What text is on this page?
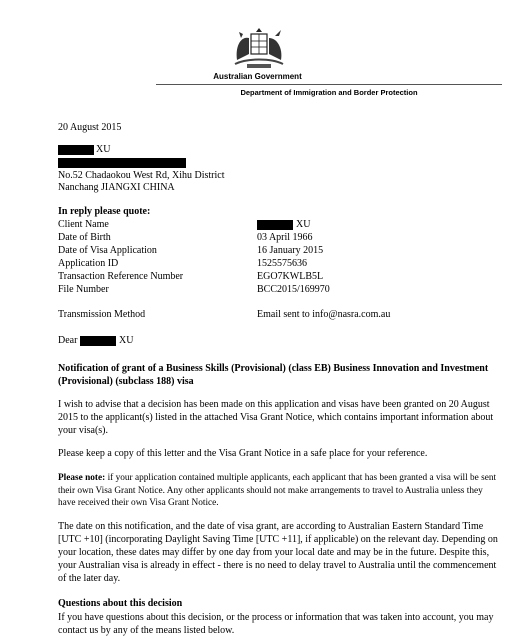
Australian Government
Department of Immigration and Border Protection
20 August 2015
XU
No.52 Chadaokou West Rd, Xihu District
Nanchang JIANGXI CHINA
In reply please quote:
Client Name	XU
Date of Birth	03 April 1966
Date of Visa Application	16 January 2015
Application ID	1525575636
Transaction Reference Number	EGO7KWLB5L
File Number	BCC2015/169970
Transmission Method	Email sent to info@nasra.com.au
Dear	XU
Notification of grant of a Business Skills (Provisional) (class EB) Business Innovation and Investment (Provisional) (subclass 188) visa
I wish to advise that a decision has been made on this application and visas have been granted on 20 August 2015 to the applicant(s) listed in the attached Visa Grant Notice, which contains important information about your visa(s).
Please keep a copy of this letter and the Visa Grant Notice in a safe place for your reference.
Please note: if your application contained multiple applicants, each applicant that has been granted a visa will be sent their own Visa Grant Notice. Any other applicants should not make arrangements to travel to Australia unless they have received their own Visa Grant Notice.
The date on this notification, and the date of visa grant, are according to Australian Eastern Standard Time [UTC +10] (incorporating Daylight Saving Time [UTC +11], if applicable) on the relevant day. Depending on your location, these dates may differ by one day from your local date and may be in the future. Despite this, your Australian visa is already in effect - there is no need to delay travel to Australia until the commencement of the later day.
Questions about this decision
If you have questions about this decision, or the process or information that was taken into account, you may contact us by any of the means listed below.
